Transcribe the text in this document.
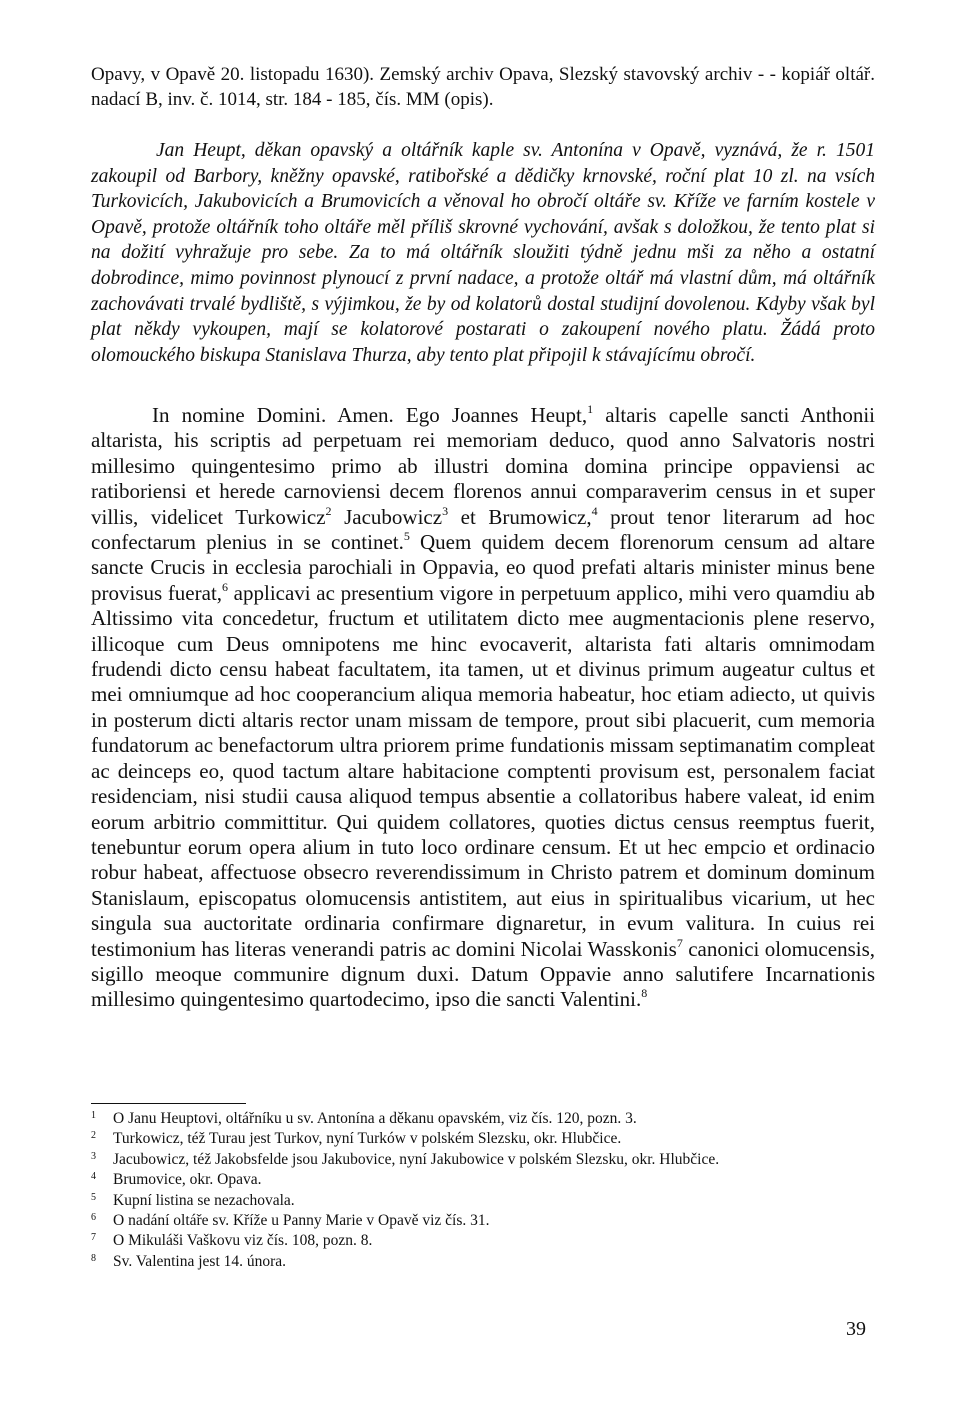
Opavy, v Opavě 20. listopadu 1630). Zemský archiv Opava, Slezský stavovský archiv - - kopiář oltář. nadací B, inv. č. 1014, str. 184 - 185, čís. MM (opis).
Jan Heupt, děkan opavský a oltářník kaple sv. Antonína v Opavě, vyznává, že r. 1501 zakoupil od Barbory, kněžny opavské, ratibořské a dědičky krnovské, roční plat 10 zl. na vsích Turkovicích, Jakubovicích a Brumovicích a věnoval ho obročí oltáře sv. Kříže ve farním kostele v Opavě, protože oltářník toho oltáře měl příliš skrovné vychování, avšak s doložkou, že tento plat si na dožití vyhražuje pro sebe. Za to má oltářník sloužiti týdně jednu mši za něho a ostatní dobrodince, mimo povinnost plynoucí z první nadace, a protože oltář má vlastní dům, má oltářník zachovávati trvalé bydliště, s výjimkou, že by od kolatorů dostal studijní dovolenou. Kdyby však byl plat někdy vykoupen, mají se kolatorové postarati o zakoupení nového platu. Žádá proto olomouckého biskupa Stanislava Thurza, aby tento plat připojil k stávajícímu obročí.
In nomine Domini. Amen. Ego Joannes Heupt,$^1$ altaris capelle sancti Anthonii altarista, his scriptis ad perpetuam rei memoriam deduco, quod anno Salvatoris nostri millesimo quingentesimo primo ab illustri domina domina principe oppaviensi ac ratiboriensi et herede carnoviensi decem florenos annui comparaverim census in et super villis, videlicet Turkowicz$^2$ Jacubowicz$^3$ et Brumowicz,$^4$ prout tenor literarum ad hoc confectarum plenius in se continet.$^5$ Quem quidem decem florenorum censum ad altare sancte Crucis in ecclesia parochiali in Oppavia, eo quod prefati altaris minister minus bene provisus fuerat,$^6$ applicavi ac presentium vigore in perpetuum applico, mihi vero quamdiu ab Altissimo vita concedetur, fructum et utilitatem dicto mee augmentacionis plene reservo, illicoque cum Deus omnipotens me hinc evocaverit, altarista fati altaris omnimodam frudendi dicto censu habeat facultatem, ita tamen, ut et divinus primum augeatur cultus et mei omniumque ad hoc cooperancium aliqua memoria habeatur, hoc etiam adiecto, ut quivis in posterum dicti altaris rector unam missam de tempore, prout sibi placuerit, cum memoria fundatorum ac benefactorum ultra priorem prime fundationis missam septimanatim compleat ac deinceps eo, quod tactum altare habitacione comptenti provisum est, personalem faciat residenciam, nisi studii causa aliquod tempus absentie a collatoribus habere valeat, id enim eorum arbitrio committitur. Qui quidem collatores, quoties dictus census reemptus fuerit, tenebuntur eorum opera alium in tuto loco ordinare censum. Et ut hec empcio et ordinacio robur habeat, affectuose obsecro reverendissimum in Christo patrem et dominum dominum Stanislaum, episcopatus olomucensis antistitem, aut eius in spiritualibus vicarium, ut hec singula sua auctoritate ordinaria confirmare dignaretur, in evum valitura. In cuius rei testimonium has literas venerandi patris ac domini Nicolai Wasskonis$^7$ canonici olomucensis, sigillo meoque communire dignum duxi. Datum Oppavie anno salutifere Incarnationis millesimo quingentesimo quartodecimo, ipso die sancti Valentini.$^8$
1	O Janu Heuptovi, oltářníku u sv. Antonína a děkanu opavském, viz čís. 120, pozn. 3.
2	Turkowicz, též Turau jest Turkov, nyní Turków v polském Slezsku, okr. Hlubčice.
3	Jacubowicz, též Jakobsfelde jsou Jakubovice, nyní Jakubowice v polském Slezsku, okr. Hlubčice.
4	Brumovice, okr. Opava.
5	Kupní listina se nezachovala.
6	O nadání oltáře sv. Kříže u Panny Marie v Opavě viz čís. 31.
7	O Mikuláši Vaškovu viz čís. 108, pozn. 8.
8	Sv. Valentina jest 14. února.
39
